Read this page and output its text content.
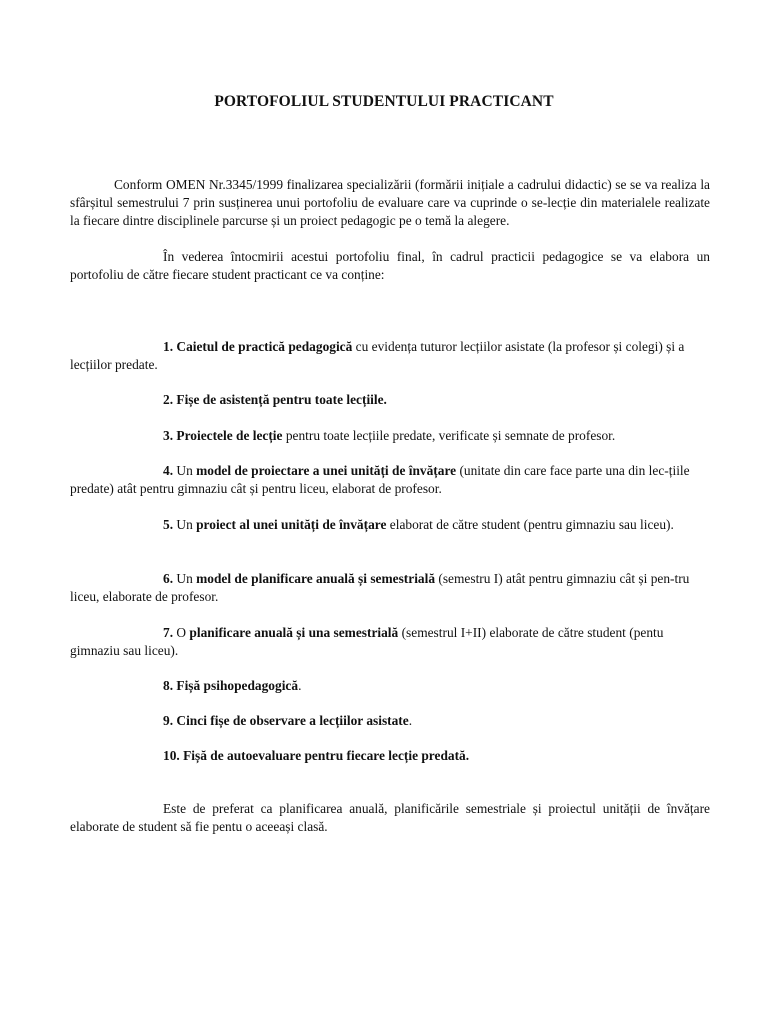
PORTOFOLIUL STUDENTULUI PRACTICANT

Conform OMEN Nr.3345/1999 finalizarea specializării (formării inițiale a cadrului didactic) se se va realiza la sfârșitul semestrului 7 prin susținerea unui portofoliu de evaluare care va cuprinde o se-lecție din materialele realizate la fiecare dintre disciplinele parcurse și un proiect pedagogic pe o temă la alegere.

În vederea întocmirii acestui portofoliu final, în cadrul practicii pedagogice se va elabora un portofoliu de către fiecare student practicant ce va conține:

1. Caietul de practică pedagogică cu evidența tuturor lecțiilor asistate (la profesor și colegi) și a lecțiilor predate.

2. Fișe de asistență pentru toate lecțiile.

3. Proiectele de lecție pentru toate lecțiile predate, verificate și semnate de profesor.

4. Un model de proiectare a unei unități de învățare (unitate din care face parte una din lec-țiile predate) atât pentru gimnaziu cât și pentru liceu, elaborat de profesor.

5. Un proiect al unei unități de învățare elaborat de către student (pentru gimnaziu sau liceu).

6. Un model de planificare anuală și semestrială (semestru I) atât pentru gimnaziu cât și pen-tru liceu, elaborate de profesor.

7. O planificare anuală și una semestrială (semestrul I+II) elaborate de către student (pentu gimnaziu sau liceu).

8. Fișă psihopedagogică.

9. Cinci fișe de observare a lecțiilor asistate.

10. Fișă de autoevaluare pentru fiecare lecție predată.

Este de preferat ca planificarea anuală, planificările semestriale și proiectul unității de învățare elaborate de student să fie pentu o aceeași clasă.
